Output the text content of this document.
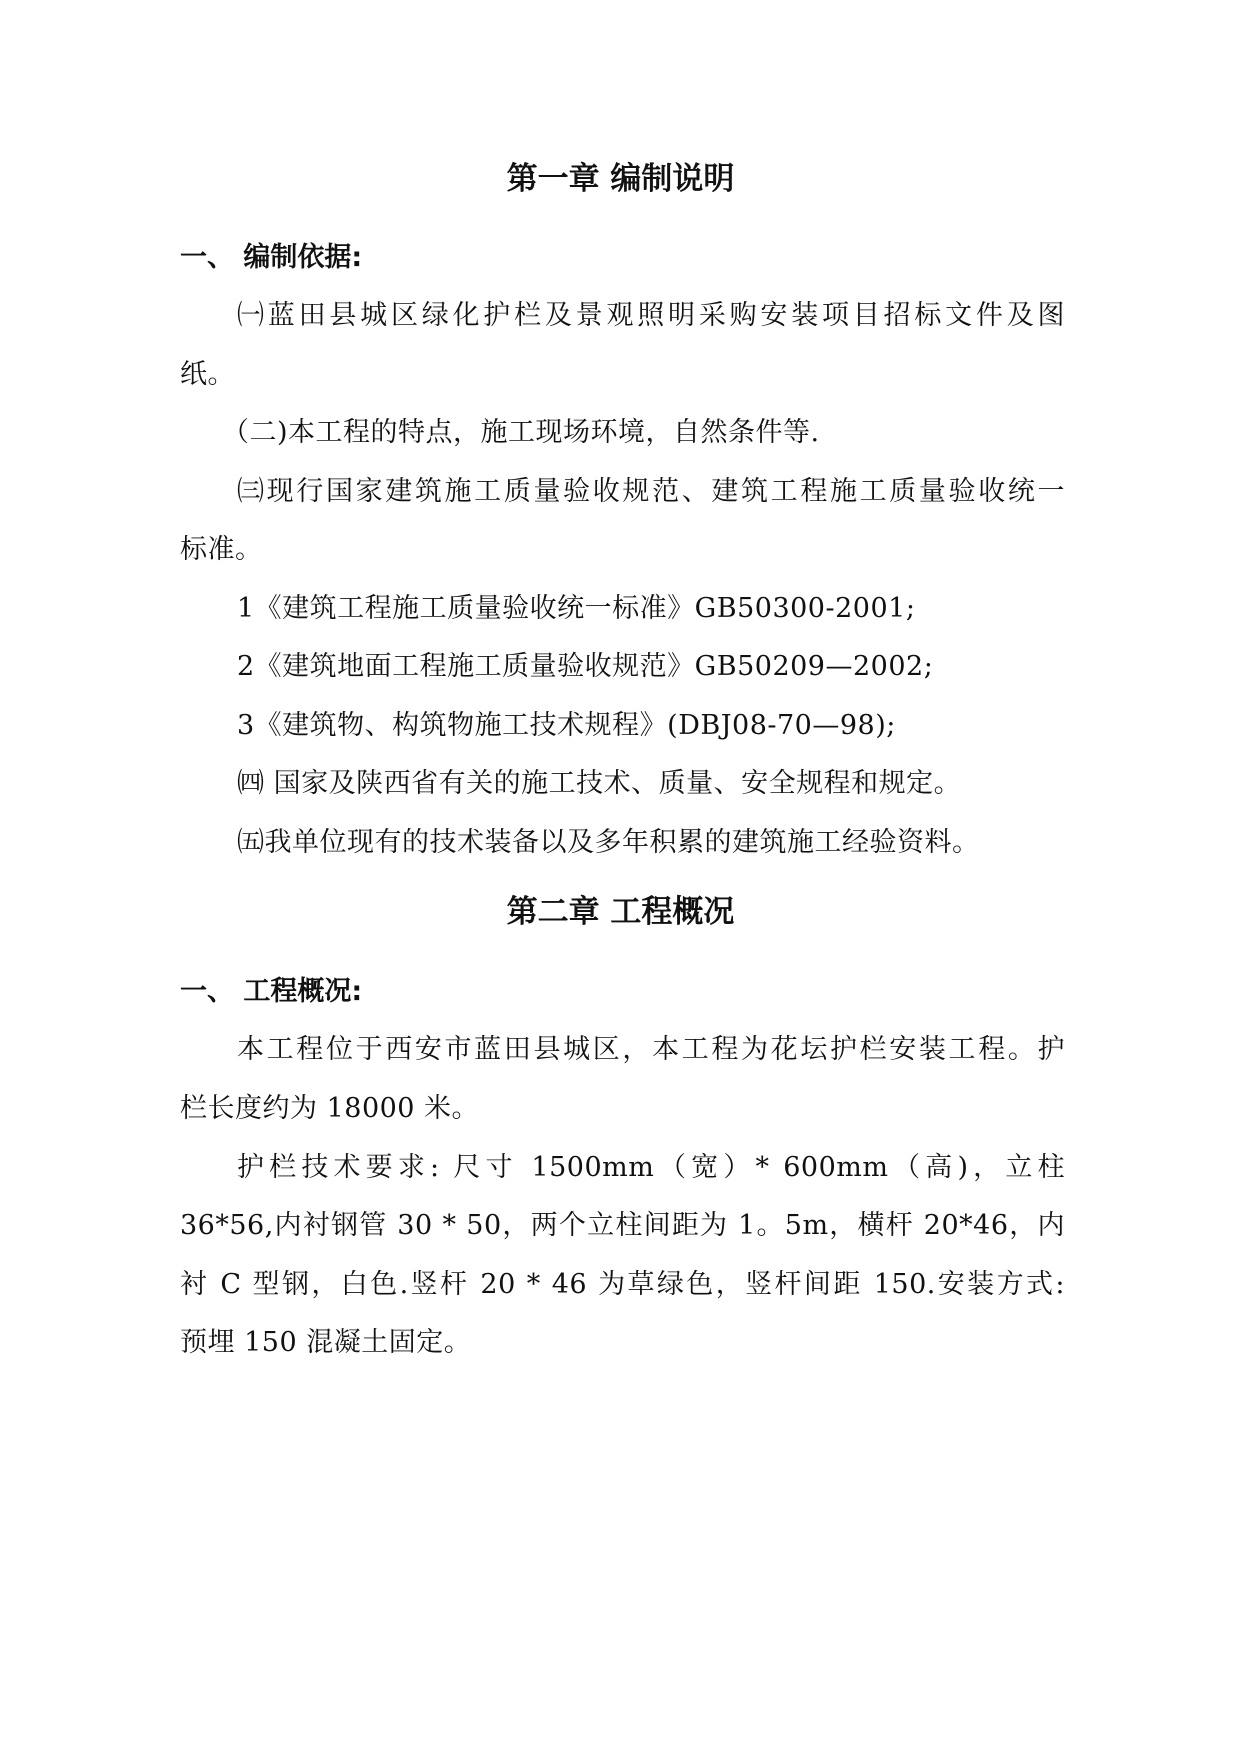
第一章 编制说明
一、 编制依据:
㈠蓝田县城区绿化护栏及景观照明采购安装项目招标文件及图
纸。
（二)本工程的特点，施工现场环境，自然条件等.
㈢现行国家建筑施工质量验收规范、建筑工程施工质量验收统一
标准。
1《建筑工程施工质量验收统一标准》GB50300-2001;
2《建筑地面工程施工质量验收规范》GB50209—2002;
3《建筑物、构筑物施工技术规程》(DBJ08-70—98);
㈣ 国家及陕西省有关的施工技术、质量、安全规程和规定。
㈤我单位现有的技术装备以及多年积累的建筑施工经验资料。
第二章 工程概况
一、 工程概况:
本工程位于西安市蓝田县城区，本工程为花坛护栏安装工程。护
栏长度约为 18000 米。
护栏技术要求: 尺寸 1500mm（宽）* 600mm（高)，立柱
36*56,内衬钢管 30 * 50，两个立柱间距为 1。5m，横杆 20*46，内
衬 C 型钢，白色.竖杆 20 * 46 为草绿色，竖杆间距 150.安装方式:
预埋 150 混凝土固定。
